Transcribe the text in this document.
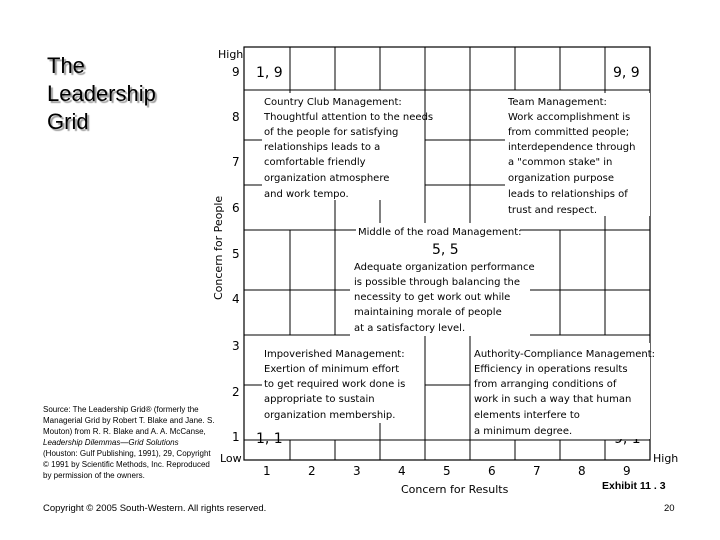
The
Leadership
Grid
High
Low	High
Concern for People
Concern for Results
9
8
7
6
5
4
3
2
1
1	2	3	4	5	6	7	8	9
1, 9	9, 9
5, 5
1, 1
Country Club Management:
Thoughtful attention to the needs
of the people for satisfying
relationships leads to a
comfortable friendly
organization atmosphere
and work tempo.
Team Management:
Work accomplishment is
from committed people;
interdependence through
a "common stake" in
organization purpose
leads to relationships of
trust and respect.
Middle of the road Management:
Adequate organization performance
is possible through balancing the
necessity to get work out while
maintaining morale of people
at a satisfactory level.
Impoverished Management:
Exertion of minimum effort
to get required work done is
appropriate to sustain
organization membership.
Authority-Compliance Management:
Efficiency in operations results
from arranging conditions of
work in such a way that human
elements interfere to
a minimum degree.
Source: The Leadership Grid® (formerly the Managerial Grid by Robert T. Blake and Jane. S. Mouton) from R. R. Blake and A. A. McCanse, Leadership Dilemmas—Grid Solutions (Houston: Gulf Publishing, 1991), 29, Copyright © 1991 by Scientific Methods, Inc. Reproduced by permission of the owners.
Exhibit 11 . 3
Copyright © 2005 South-Western. All rights reserved.	20
